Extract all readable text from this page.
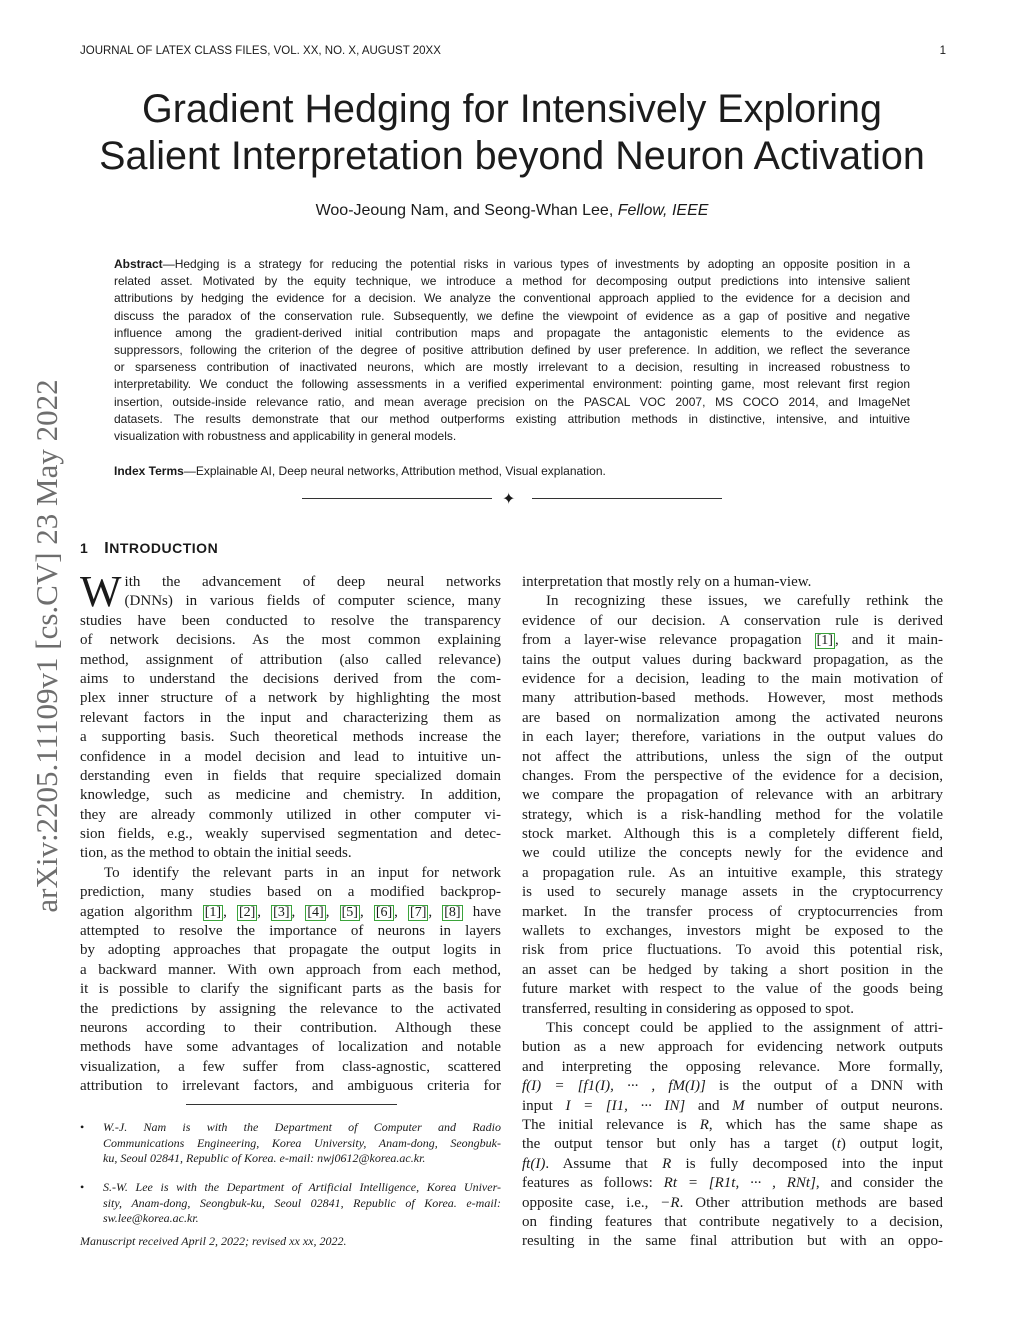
JOURNAL OF LATEX CLASS FILES, VOL. XX, NO. X, AUGUST 20XX	1
Gradient Hedging for Intensively Exploring
Salient Interpretation beyond Neuron Activation
Woo-Jeoung Nam, and Seong-Whan Lee, Fellow, IEEE
Abstract—Hedging is a strategy for reducing the potential risks in various types of investments by adopting an opposite position in a
related asset. Motivated by the equity technique, we introduce a method for decomposing output predictions into intensive salient
attributions by hedging the evidence for a decision. We analyze the conventional approach applied to the evidence for a decision and
discuss the paradox of the conservation rule. Subsequently, we define the viewpoint of evidence as a gap of positive and negative
influence among the gradient-derived initial contribution maps and propagate the antagonistic elements to the evidence as
suppressors, following the criterion of the degree of positive attribution defined by user preference. In addition, we reflect the severance
or sparseness contribution of inactivated neurons, which are mostly irrelevant to a decision, resulting in increased robustness to
interpretability. We conduct the following assessments in a verified experimental environment: pointing game, most relevant first region
insertion, outside-inside relevance ratio, and mean average precision on the PASCAL VOC 2007, MS COCO 2014, and ImageNet
datasets. The results demonstrate that our method outperforms existing attribution methods in distinctive, intensive, and intuitive
visualization with robustness and applicability in general models.
Index Terms—Explainable AI, Deep neural networks, Attribution method, Visual explanation.
✦
arXiv:2205.11109v1 [cs.CV] 23 May 2022 1 INTRODUCTION
W ith the advancement of deep neural networks
(DNNs) in various fields of computer science, many
studies have been conducted to resolve the transparency
of network decisions. As the most common explaining
method, assignment of attribution (also called relevance)
aims to understand the decisions derived from the com-
plex inner structure of a network by highlighting the most
relevant factors in the input and characterizing them as
a supporting basis. Such theoretical methods increase the
confidence in a model decision and lead to intuitive un-
derstanding even in fields that require specialized domain
knowledge, such as medicine and chemistry. In addition,
they are already commonly utilized in other computer vi-
sion fields, e.g., weakly supervised segmentation and detec-
tion, as the method to obtain the initial seeds.
To identify the relevant parts in an input for network
prediction, many studies based on a modified backprop-
agation algorithm [1] , [2] , [3] , [4] , [5] , [6] , [7] , [8] have
attempted to resolve the importance of neurons in layers
by adopting approaches that propagate the output logits in
a backward manner. With own approach from each method,
it is possible to clarify the significant parts as the basis for
the predictions by assigning the relevance to the activated
neurons according to their contribution. Although these
methods have some advantages of localization and notable
visualization, a few suffer from class-agnostic, scattered
attribution to irrelevant factors, and ambiguous criteria for
interpretation that mostly rely on a human-view.
In recognizing these issues, we carefully rethink the
evidence of our decision. A conservation rule is derived
from a layer-wise relevance propagation [1] , and it main-
tains the output values during backward propagation, as the
evidence for a decision, leading to the main motivation of
many attribution-based methods. However, most methods
are based on normalization among the activated neurons
in each layer; therefore, variations in the output values do
not affect the attributions, unless the sign of the output
changes. From the perspective of the evidence for a decision,
we compare the propagation of relevance with an arbitrary
strategy, which is a risk-handling method for the volatile
stock market. Although this is a completely different field,
we could utilize the concepts newly for the evidence and
a propagation rule. As an intuitive example, this strategy
is used to securely manage assets in the cryptocurrency
market. In the transfer process of cryptocurrencies from
wallets to exchanges, investors might be exposed to the
risk from price fluctuations. To avoid this potential risk,
an asset can be hedged by taking a short position in the
future market with respect to the value of the goods being
transferred, resulting in considering as opposed to spot.
This concept could be applied to the assignment of attri-
bution as a new approach for evidencing network outputs
and interpreting the opposing relevance. More formally,
f(I) = [f1(I), ··· , fM(I)] is the output of a DNN with
input I = [I1, ··· IN] and M number of output neurons.
The initial relevance is R, which has the same shape as
the output tensor but only has a target (t) output logit,
ft(I). Assume that R is fully decomposed into the input
features as follows: Rt = [R1t, ··· , RNt], and consider the
opposite case, i.e., −R. Other attribution methods are based
on finding features that contribute negatively to a decision,
resulting in the same final attribution but with an oppo-
• W.-J. Nam is with the Department of Computer and Radio
Communications Engineering, Korea University, Anam-dong, Seongbuk-
ku, Seoul 02841, Republic of Korea. e-mail: nwj0612@korea.ac.kr.
• S.-W. Lee is with the Department of Artificial Intelligence, Korea Univer-
sity, Anam-dong, Seongbuk-ku, Seoul 02841, Republic of Korea. e-mail:
sw.lee@korea.ac.kr.
Manuscript received April 2, 2022; revised xx xx, 2022.
